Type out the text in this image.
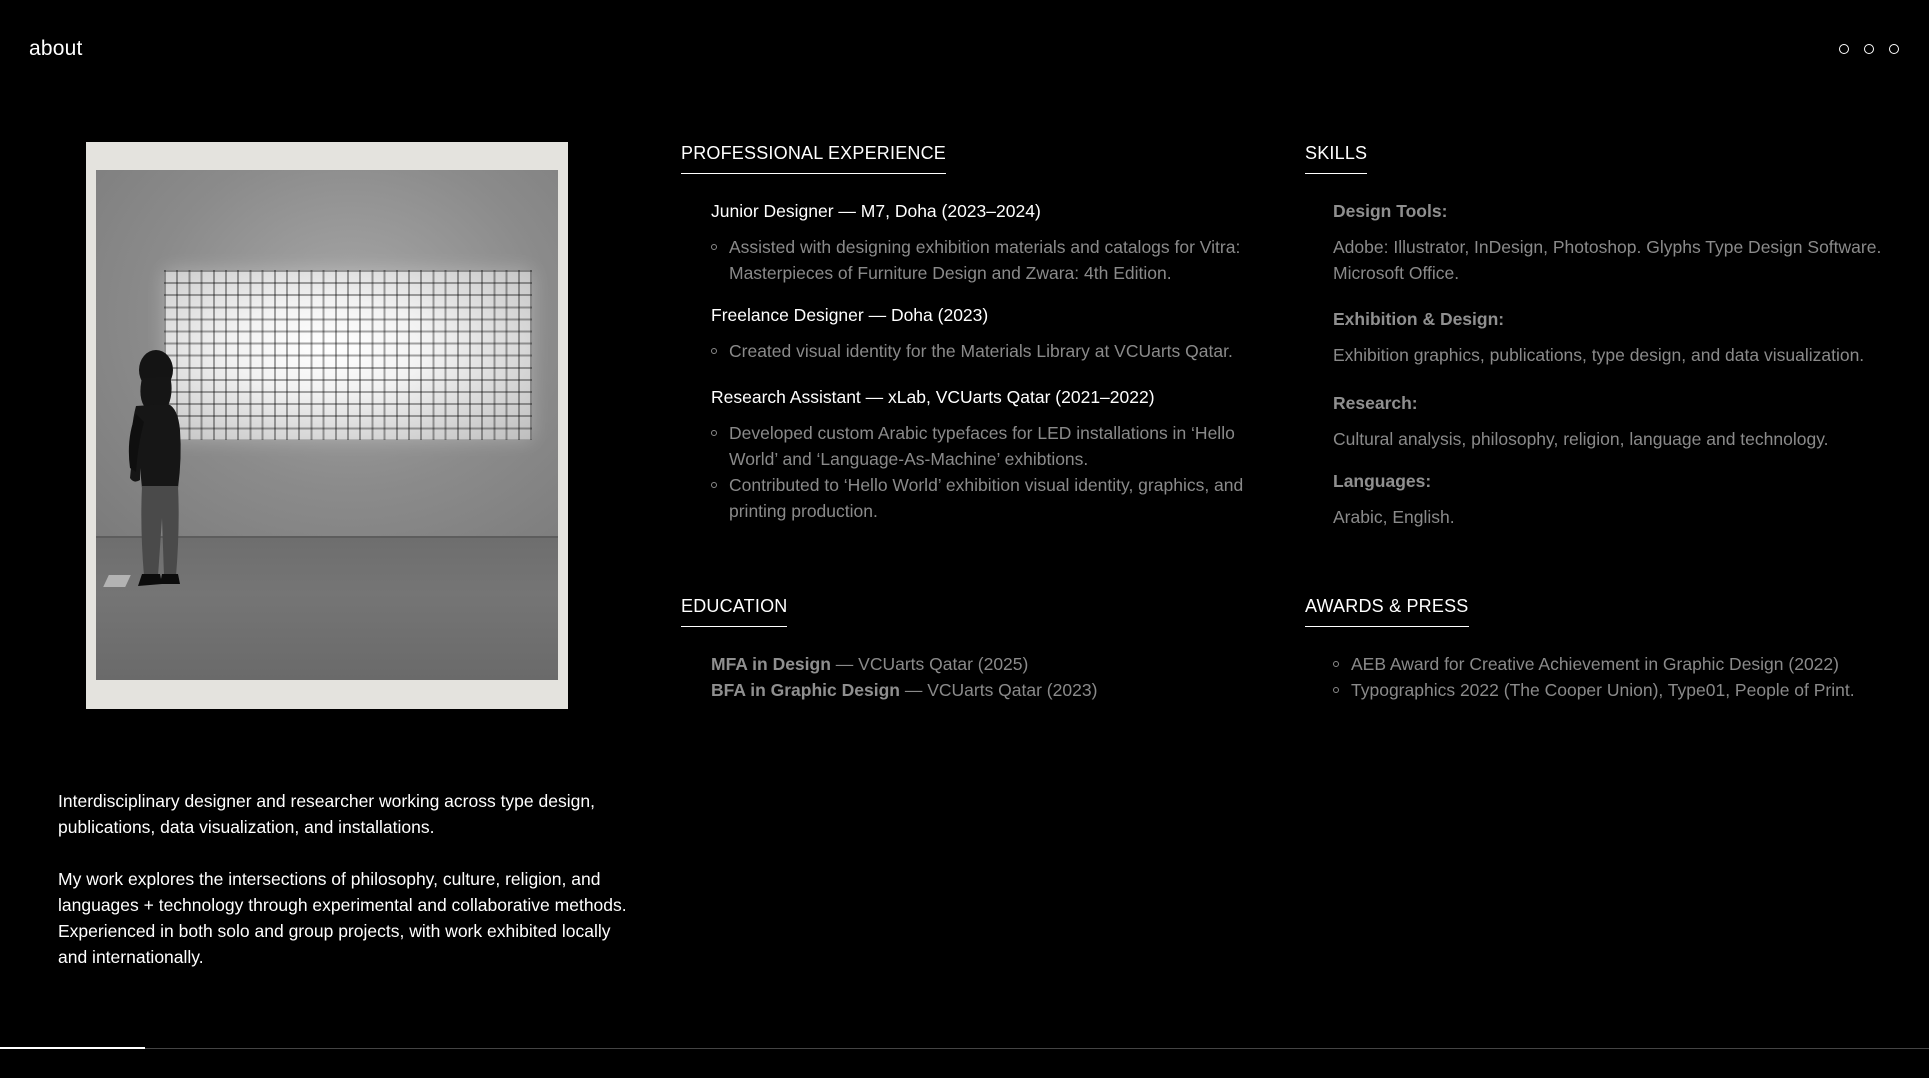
about

Interdisciplinary designer and researcher working across type design, publications, data visualization, and installations.

My work explores the intersections of philosophy, culture, religion, and languages + technology through experimental and collaborative methods. Experienced in both solo and group projects, with work exhibited locally and internationally.

PROFESSIONAL EXPERIENCE
Junior Designer — M7, Doha (2023–2024)
Assisted with designing exhibition materials and catalogs for Vitra: Masterpieces of Furniture Design and Zwara: 4th Edition.
Freelance Designer — Doha (2023)
Created visual identity for the Materials Library at VCUarts Qatar.
Research Assistant — xLab, VCUarts Qatar (2021–2022)
Developed custom Arabic typefaces for LED installations in ‘Hello World’ and ‘Language-As-Machine’ exhibtions.
Contributed to ‘Hello World’ exhibition visual identity, graphics, and printing production.
SKILLS
Design Tools:
Adobe: Illustrator, InDesign, Photoshop. Glyphs Type Design Software. Microsoft Office.
Exhibition & Design:
Exhibition graphics, publications, type design, and data visualization.
Research:
Cultural analysis, philosophy, religion, language and technology.
Languages:
Arabic, English.
EDUCATION
MFA in Design — VCUarts Qatar (2025)
BFA in Graphic Design — VCUarts Qatar (2023)
AWARDS & PRESS
AEB Award for Creative Achievement in Graphic Design (2022)
Typographics 2022 (The Cooper Union), Type01, People of Print.
